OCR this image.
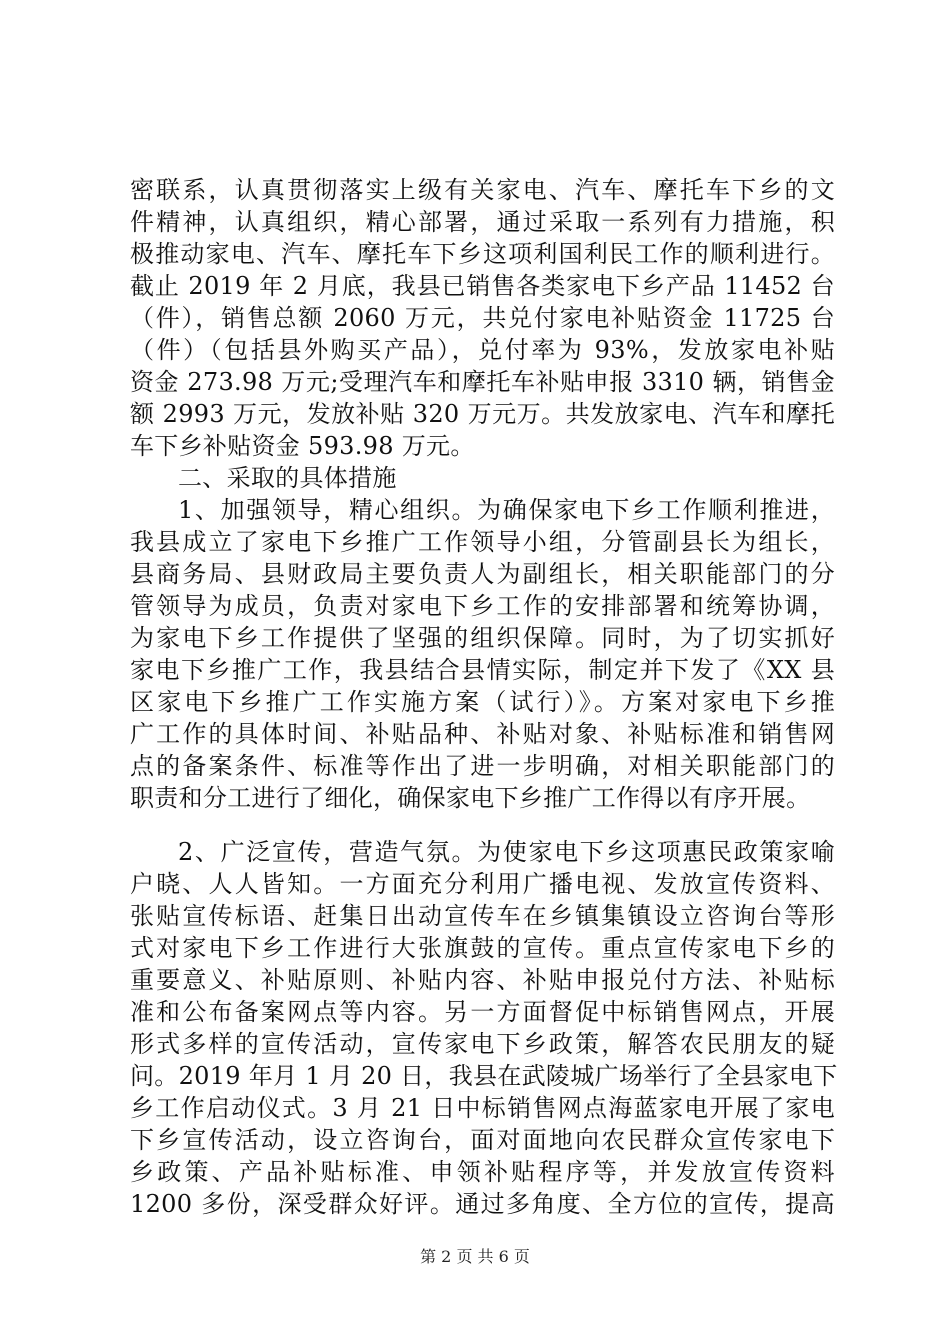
密联系，认真贯彻落实上级有关家电、汽车、摩托车下乡的文
件精神，认真组织，精心部署，通过采取一系列有力措施，积
极推动家电、汽车、摩托车下乡这项利国利民工作的顺利进行。
截止 2019 年 2 月底，我县已销售各类家电下乡产品 11452 台
（件），销售总额 2060 万元，共兑付家电补贴资金 11725 台
（件）（包括县外购买产品），兑付率为 93%，发放家电补贴
资金 273.98 万元;受理汽车和摩托车补贴申报 3310 辆，销售金
额 2993 万元，发放补贴 320 万元万。共发放家电、汽车和摩托
车下乡补贴资金 593.98 万元。
二、采取的具体措施
1、加强领导，精心组织。为确保家电下乡工作顺利推进，
我县成立了家电下乡推广工作领导小组，分管副县长为组长，
县商务局、县财政局主要负责人为副组长，相关职能部门的分
管领导为成员，负责对家电下乡工作的安排部署和统筹协调，
为家电下乡工作提供了坚强的组织保障。同时，为了切实抓好
家电下乡推广工作，我县结合县情实际，制定并下发了《XX 县
区家电下乡推广工作实施方案（试行）》。方案对家电下乡推
广工作的具体时间、补贴品种、补贴对象、补贴标准和销售网
点的备案条件、标准等作出了进一步明确，对相关职能部门的
职责和分工进行了细化，确保家电下乡推广工作得以有序开展。
2、广泛宣传，营造气氛。为使家电下乡这项惠民政策家喻
户晓、人人皆知。一方面充分利用广播电视、发放宣传资料、
张贴宣传标语、赶集日出动宣传车在乡镇集镇设立咨询台等形
式对家电下乡工作进行大张旗鼓的宣传。重点宣传家电下乡的
重要意义、补贴原则、补贴内容、补贴申报兑付方法、补贴标
准和公布备案网点等内容。另一方面督促中标销售网点，开展
形式多样的宣传活动，宣传家电下乡政策，解答农民朋友的疑
问。2019 年月 1 月 20 日，我县在武陵城广场举行了全县家电下
乡工作启动仪式。3 月 21 日中标销售网点海蓝家电开展了家电
下乡宣传活动，设立咨询台，面对面地向农民群众宣传家电下
乡政策、产品补贴标准、申领补贴程序等，并发放宣传资料
1200 多份，深受群众好评。通过多角度、全方位的宣传，提高
第 2 页 共 6 页
